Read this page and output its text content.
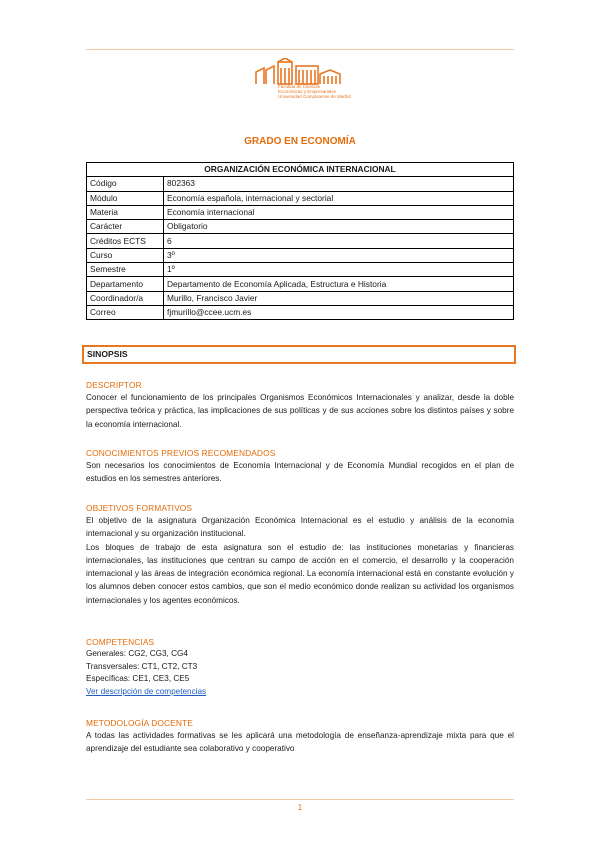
Facultad de Ciencias
Económicas y Empresariales
Universidad Complutense de Madrid
GRADO EN ECONOMÍA
ORGANIZACIÓN ECONÓMICA INTERNACIONAL	
Código	802363
Módulo	Economía española, internacional y sectorial
Materia	Economía internacional
Carácter	Obligatorio
Créditos ECTS	6
Curso	3º
Semestre	1º
Departamento	Departamento de Economía Aplicada, Estructura e Historia
Coordinador/a	Murillo, Francisco Javier
Correo	fjmurillo@ccee.ucm.es
SINOPSIS
DESCRIPTOR

Conocer el funcionamiento de los principales Organismos Económicos Internacionales y analizar, desde la doble perspectiva teórica y práctica, las implicaciones de sus políticas y de sus acciones sobre los distintos países y sobre la economía internacional.

CONOCIMIENTOS PREVIOS RECOMENDADOS

Son necesarios los conocimientos de Economía Internacional y de Economía Mundial recogidos en el plan de estudios en los semestres anteriores.

OBJETIVOS FORMATIVOS

El objetivo de la asignatura Organización Económica Internacional es el estudio y análisis de la economía internacional y su organización institucional.

Los bloques de trabajo de esta asignatura son el estudio de: las instituciones monetarias y financieras internacionales, las instituciones que centran su campo de acción en el comercio, el desarrollo y la cooperación internacional y las áreas de integración económica regional. La economía internacional está en constante evolución y los alumnos deben conocer estos cambios, que son el medio económico donde realizan su actividad los organismos internacionales y los agentes económicos.

COMPETENCIAS
Generales: CG2, CG3, CG4
Transversales: CT1, CT2, CT3
Específicas: CE1, CE3, CE5
Ver descripción de competencias
METODOLOGÍA DOCENTE

A todas las actividades formativas se les aplicará una metodología de enseñanza-aprendizaje mixta para que el aprendizaje del estudiante sea colaborativo y cooperativo

1
